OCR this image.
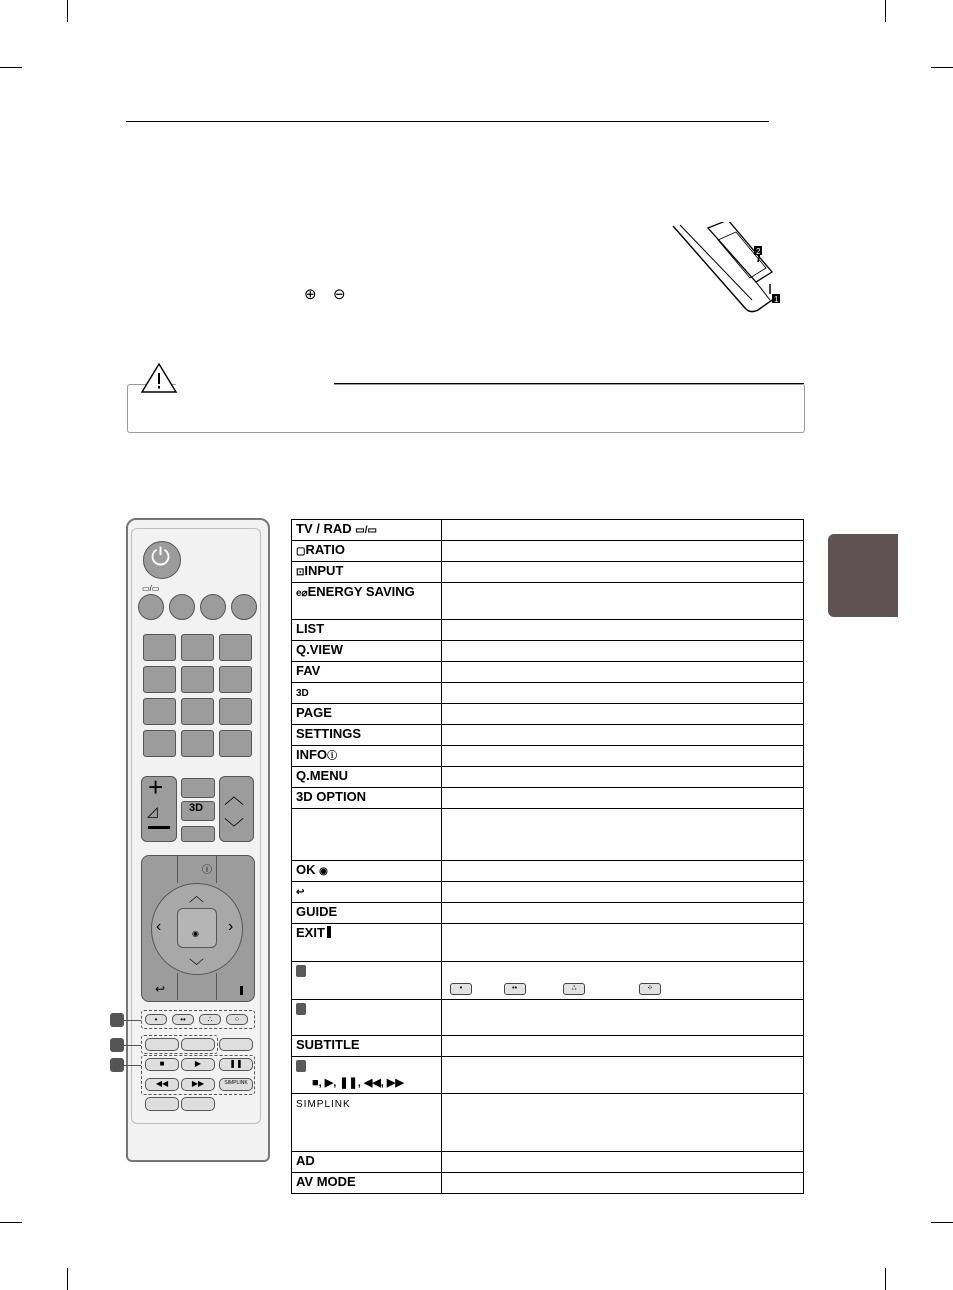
⊕ ⊖
2
1
⏻
▭/▭
+
◿	3D ︿
﹀
ⓘ
︿
﹀
‹	›
◉
↩
•	••	∴	⁘
■	▶	❚❚
◀◀	▶▶	SIMPLINK
TV / RAD ▭/▭	
▢RATIO	
⊡INPUT	
e⌀ENERGY SAVING	
LIST	
Q.VIEW	
FAV	
3D	
PAGE	
SETTINGS	
INFOⓘ	
Q.MENU	
3D OPTION	

OK ◉	
↩	
GUIDE	
EXIT	
	• •• ∴ ⁘

SUBTITLE	

■, ▶, ❚❚, ◀◀, ▶▶	
SIMPLINK	
AD	
AV MODE	
